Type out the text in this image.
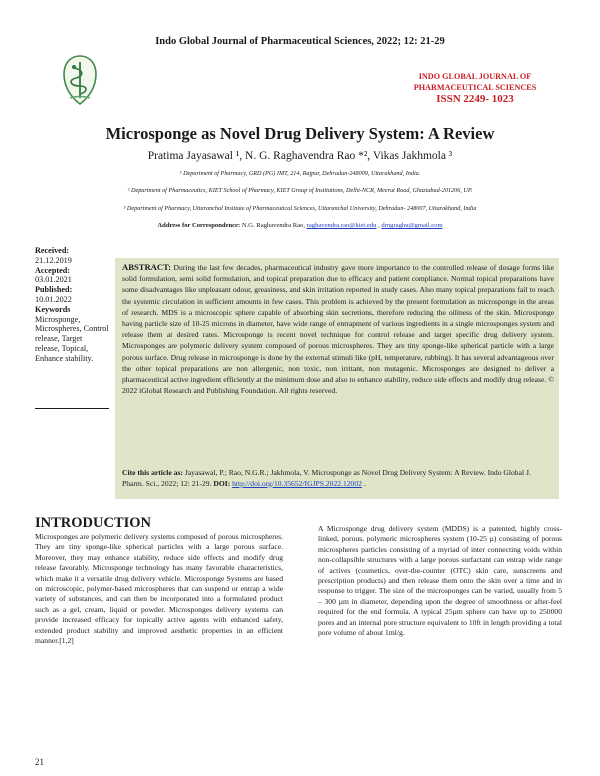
Indo Global Journal of Pharmaceutical Sciences, 2022; 12: 21-29
INDO GLOBAL JOURNAL OF
PHARMACEUTICAL SCIENCES
ISSN 2249- 1023
Microsponge as Novel Drug Delivery System: A Review
Pratima Jayasawal ¹, N. G. Raghavendra Rao *², Vikas Jakhmola ³
¹ Department of Pharmacy, GRD (PG) IMT, 214, Rajpur, Dehradun-248009, Uttarakhand, India.
² Department of Pharmaceutics, KIET School of Pharmacy, KIET Group of Institutions, Delhi-NCR, Meerut Road, Ghaziabad-201206, UP.
³ Department of Pharmacy, Uttaranchal Institute of Pharmaceutical Sciences, Uttaranchal University, Dehradun- 248007, Uttarakhand, India
Address for Correspondence: N.G. Raghavendra Rao, raghavendra.rao@kiet.edu , drngraghu@gmail.com
Received:
21.12.2019
Accepted:
03.01.2021
Published:
10.01.2022
Keywords
Microsponge, Microspheres, Control release, Target release, Topical, Enhance stability.
ABSTRACT: During the last few decades, pharmaceutical industry gave more importance to the controlled release of dosage forms like solid formulation, semi solid formulation, and topical preparation due to efficacy and patient compliance. Normal topical preparations have some disadvantages like unpleasant odour, greasiness, and skin irritation reported in study cases. Also many topical preparations fail to reach the systemic circulation in sufficient amounts in few cases. This problem is achieved by the present formulation as microsponge in the areas of research. MDS is a microscopic sphere capable of absorbing skin secretions, therefore reducing the oiliness of the skin. Microsponge having particle size of 10-25 microns in diameter, have wide range of entrapment of various ingredients in a single microsponges system and release them at desired rates. Microsponge is recent novel technique for control release and target specific drug delivery system. Microsponges are polymeric delivery system composed of porous microspheres. They are tiny sponge-like spherical particle with a large porous surface. Drug release in microsponge is done by the external stimuli like (pH, temperature, rubbing). It has several advantageous over the other topical preparations are non allergenic, non toxic, non irritant, non mutagenic. Microsponges are designed to deliver a pharmaceutical active ingredient efficiently at the minimum dose and also to enhance stability, reduce side effects and modify drug release. © 2022 iGlobal Research and Publishing Foundation. All rights reserved.
Cite this article as: Jayasawal, P.; Rao, N.G.R.; Jakhmola, V. Microsponge as Novel Drug Delivery System: A Review. Indo Global J. Pharm. Sci., 2022; 12: 21-29. DOI: http://doi.org/10.35652/IGJPS.2022.12002 .
INTRODUCTION
Microsponges are polymeric delivery systems composed of porous microspheres. They are tiny sponge-like spherical particles with a large porous surface. Moreover, they may enhance stability, reduce side effects and modify drug release favorably. Microsponge technology has many favorable characteristics, which make it a versatile drug delivery vehicle. Microsponge Systems are based on microscopic, polymer-based microspheres that can suspend or entrap a wide variety of substances, and can then be incorporated into a formulated product such as a gel, cream, liquid or powder. Microsponges delivery systems can provide increased efficacy for topically active agents with enhanced safety, extended product stability and improved aesthetic properties in an efficient manner.[1,2]
A Microsponge drug delivery system (MDDS) is a patented, highly cross-linked, porous, polymeric microspheres system (10-25 µ) consisting of porous microspheres particles consisting of a myriad of inter connecting voids within non-collapsible structures with a large porous surfactant can entrap wide range of actives (cosmetics, over-the-counter (OTC) skin care, sunscreens and prescription products) and then release them onto the skin over a time and in response to trigger. The size of the microsponges can be varied, usually from 5 – 300 µm in diameter, depending upon the degree of smoothness or after-feel required for the end formula. A typical 25µm sphere can have up to 250000 pores and an internal pore structure equivalent to 10ft in length providing a total pore volume of about 1ml/g.
21
